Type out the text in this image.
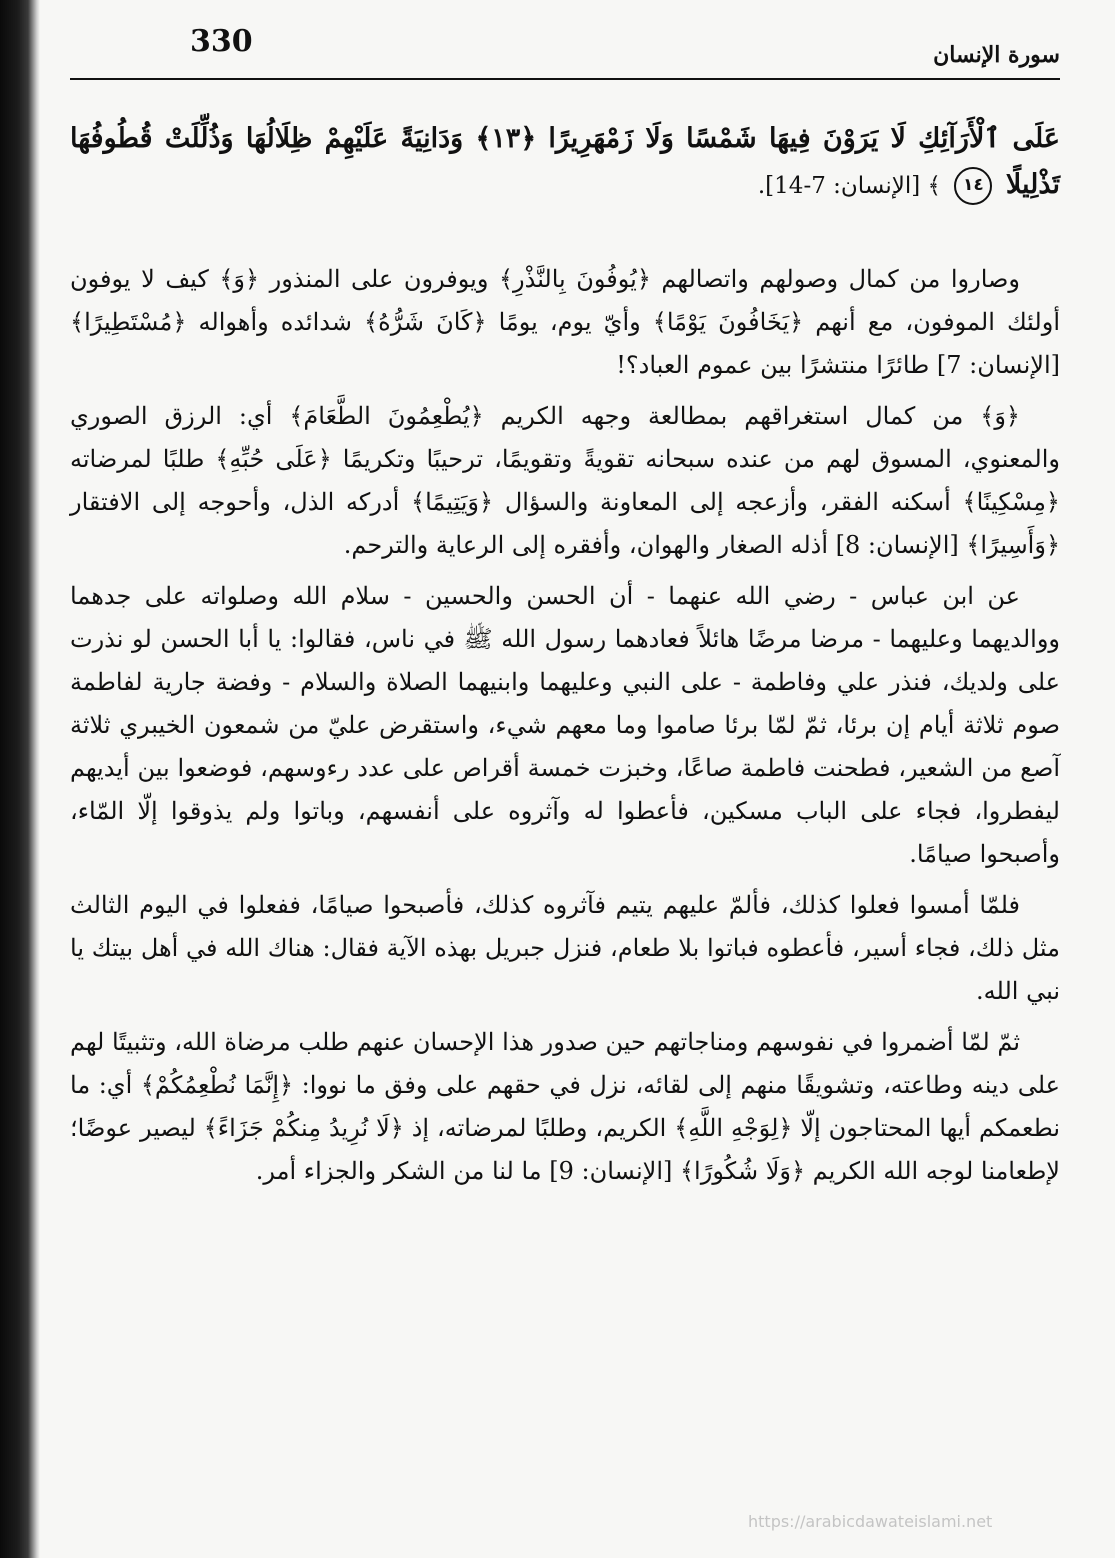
330	سورة الإنسان
عَلَى ٱلْأَرَآئِكِ لَا يَرَوْنَ فِيهَا شَمْسًا وَلَا زَمْهَرِيرًا ﴿١٣﴾ وَدَانِيَةً عَلَيْهِمْ ظِلَالُهَا وَذُلِّلَتْ قُطُوفُهَا تَذْلِيلًا ١٤ ﴾ [الإنسان: 7-14].

وصاروا من كمال وصولهم واتصالهم ﴿يُوفُونَ بِالنَّذْرِ﴾ ويوفرون على المنذور ﴿وَ﴾ كيف لا يوفون أولئك الموفون، مع أنهم ﴿يَخَافُونَ يَوْمًا﴾ وأيّ يوم، يومًا ﴿كَانَ شَرُّهُ﴾ شدائده وأهواله ﴿مُسْتَطِيرًا﴾ [الإنسان: 7] طائرًا منتشرًا بين عموم العباد؟!

﴿وَ﴾ من كمال استغراقهم بمطالعة وجهه الكريم ﴿يُطْعِمُونَ الطَّعَامَ﴾ أي: الرزق الصوري والمعنوي، المسوق لهم من عنده سبحانه تقويةً وتقويمًا، ترحيبًا وتكريمًا ﴿عَلَى حُبِّهِ﴾ طلبًا لمرضاته ﴿مِسْكِينًا﴾ أسكنه الفقر، وأزعجه إلى المعاونة والسؤال ﴿وَيَتِيمًا﴾ أدركه الذل، وأحوجه إلى الافتقار ﴿وَأَسِيرًا﴾ [الإنسان: 8] أذله الصغار والهوان، وأفقره إلى الرعاية والترحم.

عن ابن عباس - رضي الله عنهما - أن الحسن والحسين - سلام الله وصلواته على جدهما ووالديهما وعليهما - مرضا مرضًا هائلاً فعادهما رسول الله ﷺ في ناس، فقالوا: يا أبا الحسن لو نذرت على ولديك، فنذر علي وفاطمة - على النبي وعليهما وابنيهما الصلاة والسلام - وفضة جارية لفاطمة صوم ثلاثة أيام إن برئا، ثمّ لمّا برئا صاموا وما معهم شيء، واستقرض عليّ من شمعون الخيبري ثلاثة آصع من الشعير، فطحنت فاطمة صاعًا، وخبزت خمسة أقراص على عدد رءوسهم، فوضعوا بين أيديهم ليفطروا، فجاء على الباب مسكين، فأعطوا له وآثروه على أنفسهم، وباتوا ولم يذوقوا إلّا المّاء، وأصبحوا صيامًا.

فلمّا أمسوا فعلوا كذلك، فألمّ عليهم يتيم فآثروه كذلك، فأصبحوا صيامًا، ففعلوا في اليوم الثالث مثل ذلك، فجاء أسير، فأعطوه فباتوا بلا طعام، فنزل جبريل بهذه الآية فقال: هناك الله في أهل بيتك يا نبي الله.

ثمّ لمّا أضمروا في نفوسهم ومناجاتهم حين صدور هذا الإحسان عنهم طلب مرضاة الله، وتثبيتًا لهم على دينه وطاعته، وتشويقًا منهم إلى لقائه، نزل في حقهم على وفق ما نووا: ﴿إِنَّمَا نُطْعِمُكُمْ﴾ أي: ما نطعمكم أيها المحتاجون إلّا ﴿لِوَجْهِ اللَّهِ﴾ الكريم، وطلبًا لمرضاته، إذ ﴿لَا نُرِيدُ مِنكُمْ جَزَاءً﴾ ليصير عوضًا؛ لإطعامنا لوجه الله الكريم ﴿وَلَا شُكُورًا﴾ [الإنسان: 9] ما لنا من الشكر والجزاء أمر.

https://arabicdawateislami.net
